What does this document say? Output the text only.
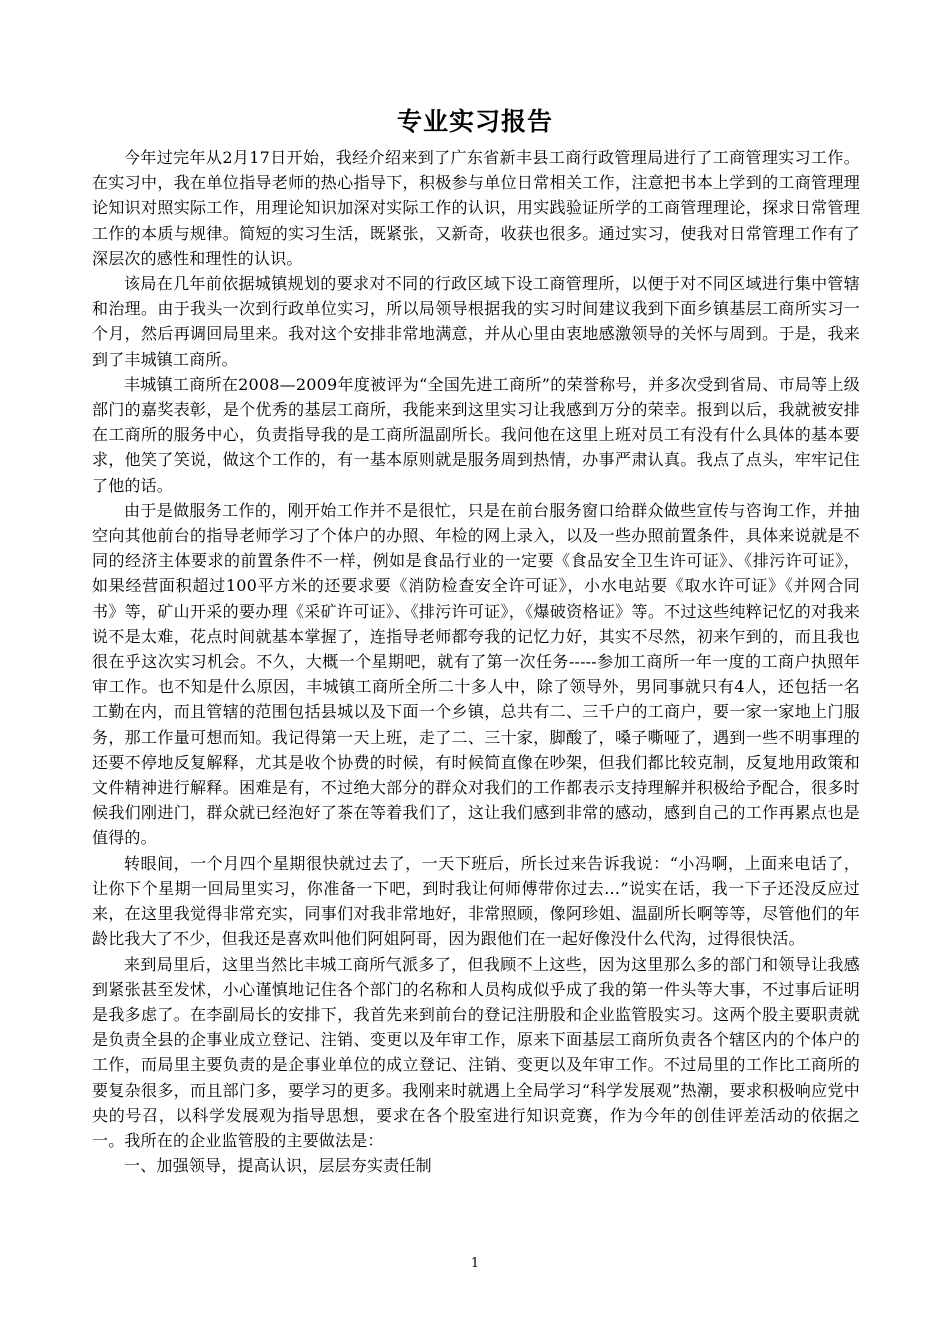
专业实习报告

今年过完年从2月17日开始，我经介绍来到了广东省新丰县工商行政管理局进行了工商管理实习工作。在实习中，我在单位指导老师的热心指导下，积极参与单位日常相关工作，注意把书本上学到的工商管理理论知识对照实际工作，用理论知识加深对实际工作的认识，用实践验证所学的工商管理理论，探求日常管理工作的本质与规律。简短的实习生活，既紧张，又新奇，收获也很多。通过实习，使我对日常管理工作有了深层次的感性和理性的认识。

该局在几年前依据城镇规划的要求对不同的行政区域下设工商管理所，以便于对不同区域进行集中管辖和治理。由于我头一次到行政单位实习，所以局领导根据我的实习时间建议我到下面乡镇基层工商所实习一个月，然后再调回局里来。我对这个安排非常地满意，并从心里由衷地感激领导的关怀与周到。于是，我来到了丰城镇工商所。

丰城镇工商所在2008—2009年度被评为“全国先进工商所”的荣誉称号，并多次受到省局、市局等上级部门的嘉奖表彰，是个优秀的基层工商所，我能来到这里实习让我感到万分的荣幸。报到以后，我就被安排在工商所的服务中心，负责指导我的是工商所温副所长。我问他在这里上班对员工有没有什么具体的基本要求，他笑了笑说，做这个工作的，有一基本原则就是服务周到热情，办事严肃认真。我点了点头，牢牢记住了他的话。

由于是做服务工作的，刚开始工作并不是很忙，只是在前台服务窗口给群众做些宣传与咨询工作，并抽空向其他前台的指导老师学习了个体户的办照、年检的网上录入，以及一些办照前置条件，具体来说就是不同的经济主体要求的前置条件不一样，例如是食品行业的一定要《食品安全卫生许可证》、《排污许可证》，如果经营面积超过100平方米的还要求要《消防检查安全许可证》，小水电站要《取水许可证》《并网合同书》等，矿山开采的要办理《采矿许可证》、《排污许可证》，《爆破资格证》等。不过这些纯粹记忆的对我来说不是太难，花点时间就基本掌握了，连指导老师都夸我的记忆力好，其实不尽然，初来乍到的，而且我也很在乎这次实习机会。不久，大概一个星期吧，就有了第一次任务-----参加工商所一年一度的工商户执照年审工作。也不知是什么原因，丰城镇工商所全所二十多人中，除了领导外，男同事就只有4人，还包括一名工勤在内，而且管辖的范围包括县城以及下面一个乡镇，总共有二、三千户的工商户，要一家一家地上门服务，那工作量可想而知。我记得第一天上班，走了二、三十家，脚酸了，嗓子嘶哑了，遇到一些不明事理的还要不停地反复解释，尤其是收个协费的时候，有时候简直像在吵架，但我们都比较克制，反复地用政策和文件精神进行解释。困难是有，不过绝大部分的群众对我们的工作都表示支持理解并积极给予配合，很多时候我们刚进门，群众就已经泡好了茶在等着我们了，这让我们感到非常的感动，感到自己的工作再累点也是值得的。

转眼间，一个月四个星期很快就过去了，一天下班后，所长过来告诉我说：“小冯啊，上面来电话了，让你下个星期一回局里实习，你准备一下吧，到时我让何师傅带你过去…”说实在话，我一下子还没反应过来，在这里我觉得非常充实，同事们对我非常地好，非常照顾，像阿珍姐、温副所长啊等等，尽管他们的年龄比我大了不少，但我还是喜欢叫他们阿姐阿哥，因为跟他们在一起好像没什么代沟，过得很快活。

来到局里后，这里当然比丰城工商所气派多了，但我顾不上这些，因为这里那么多的部门和领导让我感到紧张甚至发怵，小心谨慎地记住各个部门的名称和人员构成似乎成了我的第一件头等大事，不过事后证明是我多虑了。在李副局长的安排下，我首先来到前台的登记注册股和企业监管股实习。这两个股主要职责就是负责全县的企事业成立登记、注销、变更以及年审工作，原来下面基层工商所负责各个辖区内的个体户的工作，而局里主要负责的是企事业单位的成立登记、注销、变更以及年审工作。不过局里的工作比工商所的要复杂很多，而且部门多，要学习的更多。我刚来时就遇上全局学习“科学发展观”热潮，要求积极响应党中央的号召，以科学发展观为指导思想，要求在各个股室进行知识竞赛，作为今年的创佳评差活动的依据之一。我所在的企业监管股的主要做法是：

一、加强领导，提高认识，层层夯实责任制

1
